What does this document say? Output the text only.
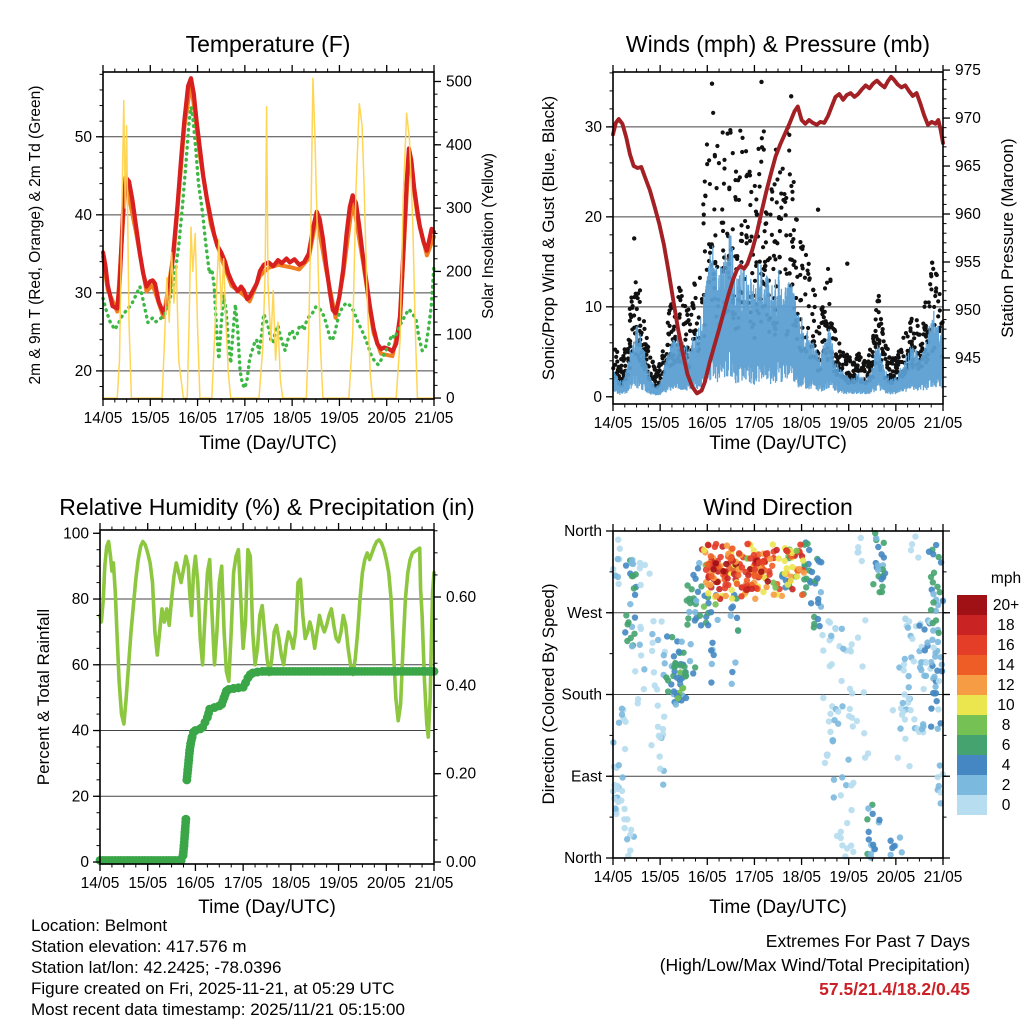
14/05 15/05 16/05 17/05 18/05 19/05 20/05 21/05
20
30
40
50
0
100
200
300
400
500
14/05 15/05 16/05 17/05 18/05 19/05 20/05 21/05
0
10
20
30
945
950
955
960
965
970
975
14/05 15/05 16/05 17/05 18/05 19/05 20/05 21/05
0
20
40
60
80
100
0.00
0.20
0.40
0.60
14/05 15/05 16/05 17/05 18/05 19/05 20/05 21/05
North
West
South
East
North
20+
18
16
14
12
10
8
6
4
2
0
Temperature (F)	Winds (mph) & Pressure (mb)
Relative Humidity (%) & Precipitation (in)	Wind Direction
Time (Day/UTC)	Time (Day/UTC)
Time (Day/UTC)	Time (Day/UTC)
2m & 9m T (Red, Orange) & 2m Td (Green)	Solar Insolation (Yellow) Sonic/Prop Wind & Gust (Blue, Black)	Station Pressure (Maroon)
Percent & Total Rainfall	Direction (Colored By Speed)
mph
Extremes For Past 7 Days
(High/Low/Max Wind/Total Precipitation)
57.5/21.4/18.2/0.45
Location: Belmont
Station elevation: 417.576 m
Station lat/lon: 42.2425; -78.0396
Figure created on Fri, 2025-11-21, at 05:29 UTC
Most recent data timestamp: 2025/11/21 05:15:00
